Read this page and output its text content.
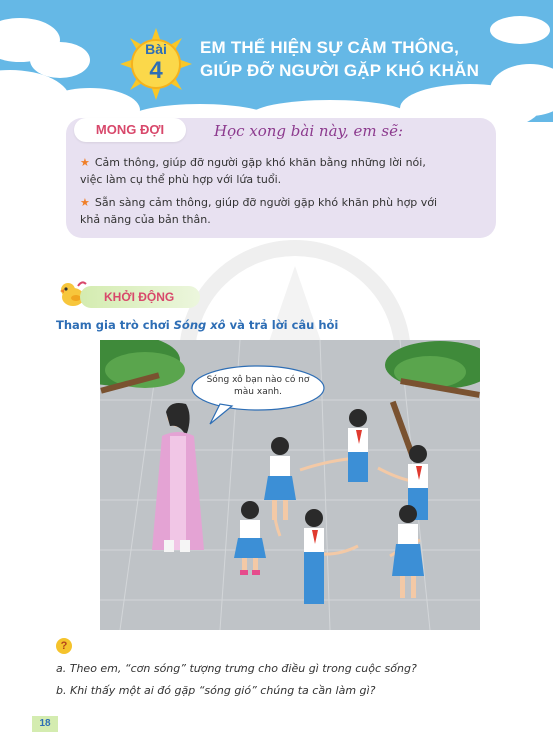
Bài
4
EM THỂ HIỆN SỰ CẢM THÔNG,
GIÚP ĐỠ NGƯỜI GẶP KHÓ KHĂN
MONG ĐỢI	Học xong bài này, em sẽ:
★ Cảm thông, giúp đỡ người gặp khó khăn bằng những lời nói,
việc làm cụ thể phù hợp với lứa tuổi.
★ Sẵn sàng cảm thông, giúp đỡ người gặp khó khăn phù hợp với
khả năng của bản thân.
KHỞI ĐỘNG
Tham gia trò chơi Sóng xô và trả lời câu hỏi
Sóng xô bạn nào có nơ màu xanh.
?
a. Theo em, “cơn sóng” tượng trưng cho điều gì trong cuộc sống?
b. Khi thấy một ai đó gặp “sóng gió” chúng ta cần làm gì?
18
